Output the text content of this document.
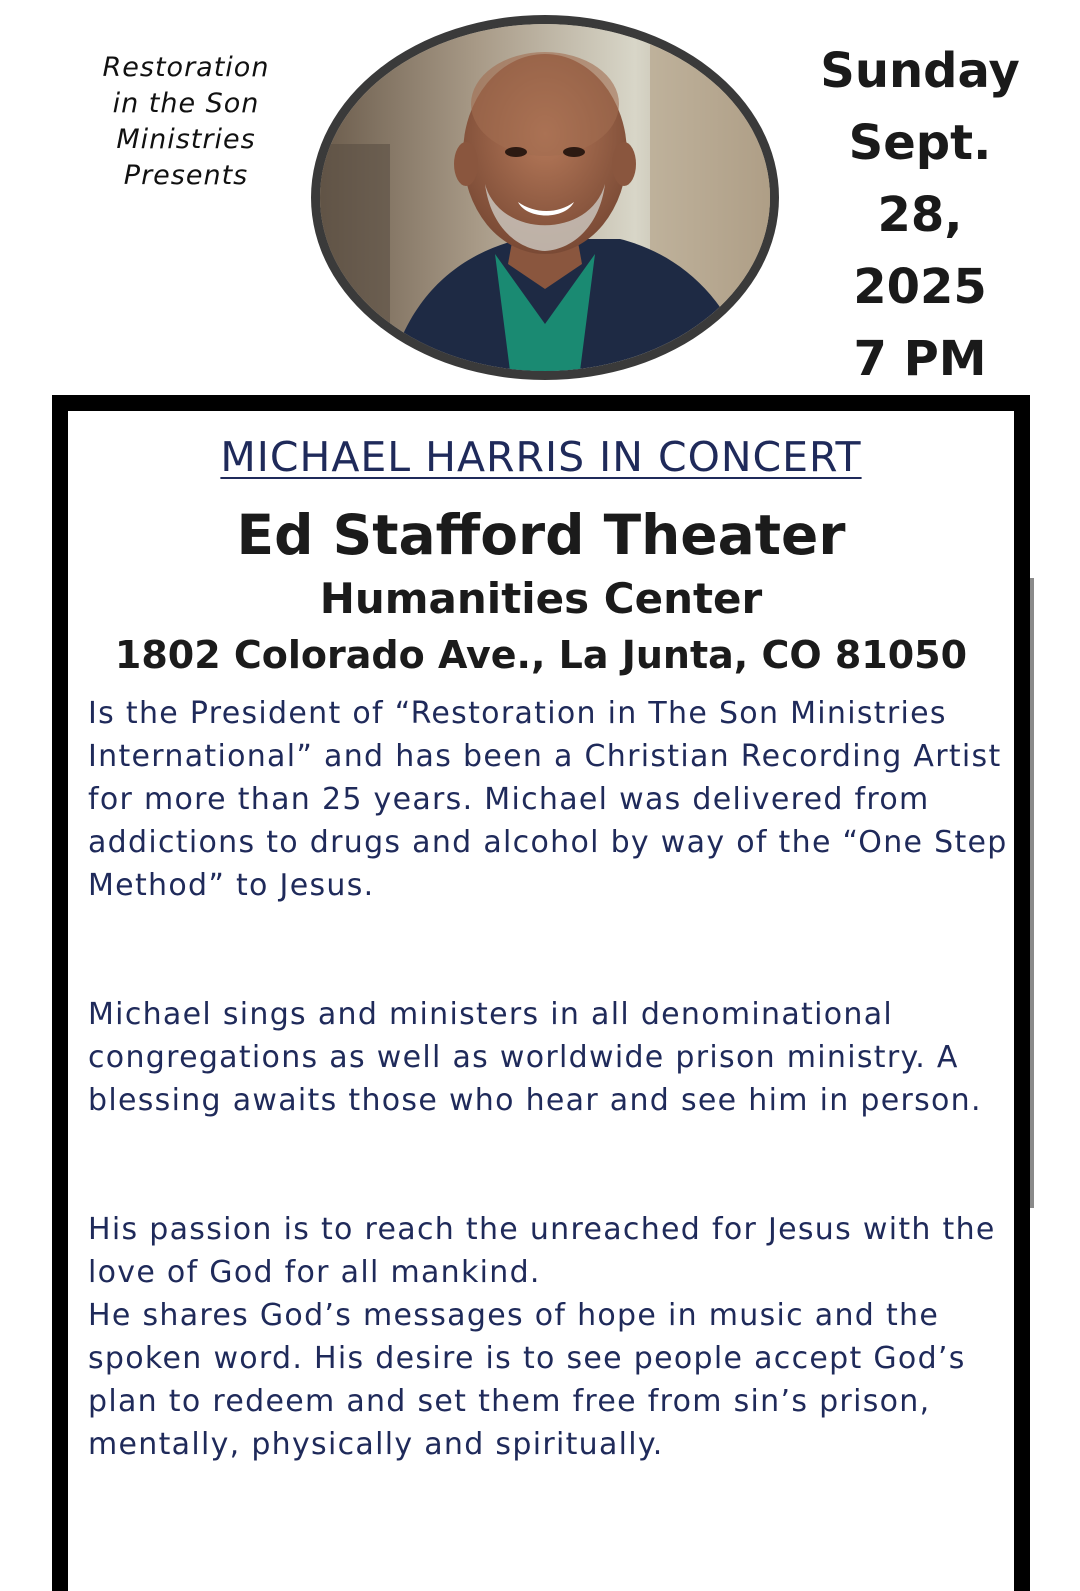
Restoration
in the Son
Ministries
Presents
Sunday
Sept. 28,
2025
7 PM
MICHAEL HARRIS IN CONCERT
Ed Stafford Theater
Humanities Center
1802 Colorado Ave., La Junta, CO 81050

Is the President of “Restoration in The Son Ministries International” and has been a Christian Recording Artist for more than 25 years. Michael was delivered from addictions to drugs and alcohol by way of the “One Step Method” to Jesus.

Michael sings and ministers in all denominational congregations as well as worldwide prison ministry. A blessing awaits those who hear and see him in person.

His passion is to reach the unreached for Jesus with the love of God for all mankind.
He shares God’s messages of hope in music and the spoken word. His desire is to see people accept God’s plan to redeem and set them free from sin’s prison, mentally, physically and spiritually.
